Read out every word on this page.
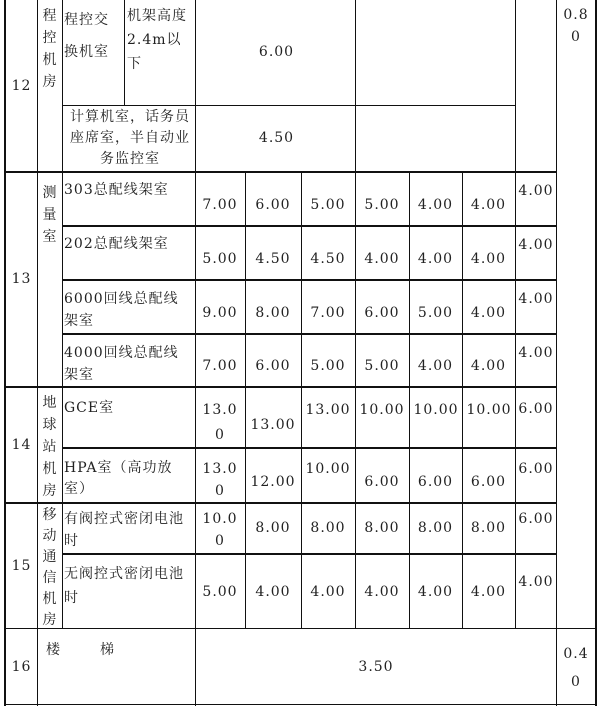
12
程控机房
程控交换机室
机架高度 2.4m以下
6.00
计算机室，话务员座席室，半自动业务监控室
4.50
0.80
13
测量室
303总配线架室
7.00 6.00 5.00 5.00 4.00 4.00
4.00
202总配线架室
5.00 4.50 4.50 4.00 4.00 4.00
4.00
6000回线总配线架室
9.00 8.00 7.00 6.00 5.00 4.00
4.00
4000回线总配线架室
7.00 6.00 5.00 5.00 4.00 4.00
4.00
14
地球站机房
GCE室	13.00
13.00
13.00 10.00 10.00 10.00 6.00
HPA室（高功放室）
13.00
12.00
10.00
6.00 6.00 6.00
6.00
15
移动通信机房
有阀控式密闭电池时
10.00
8.00 8.00 8.00 8.00 8.00
6.00
无阀控式密闭电池时	5.00 4.00 4.00 4.00 4.00 4.00
4.00
16
楼　　梯
3.50
0.40
